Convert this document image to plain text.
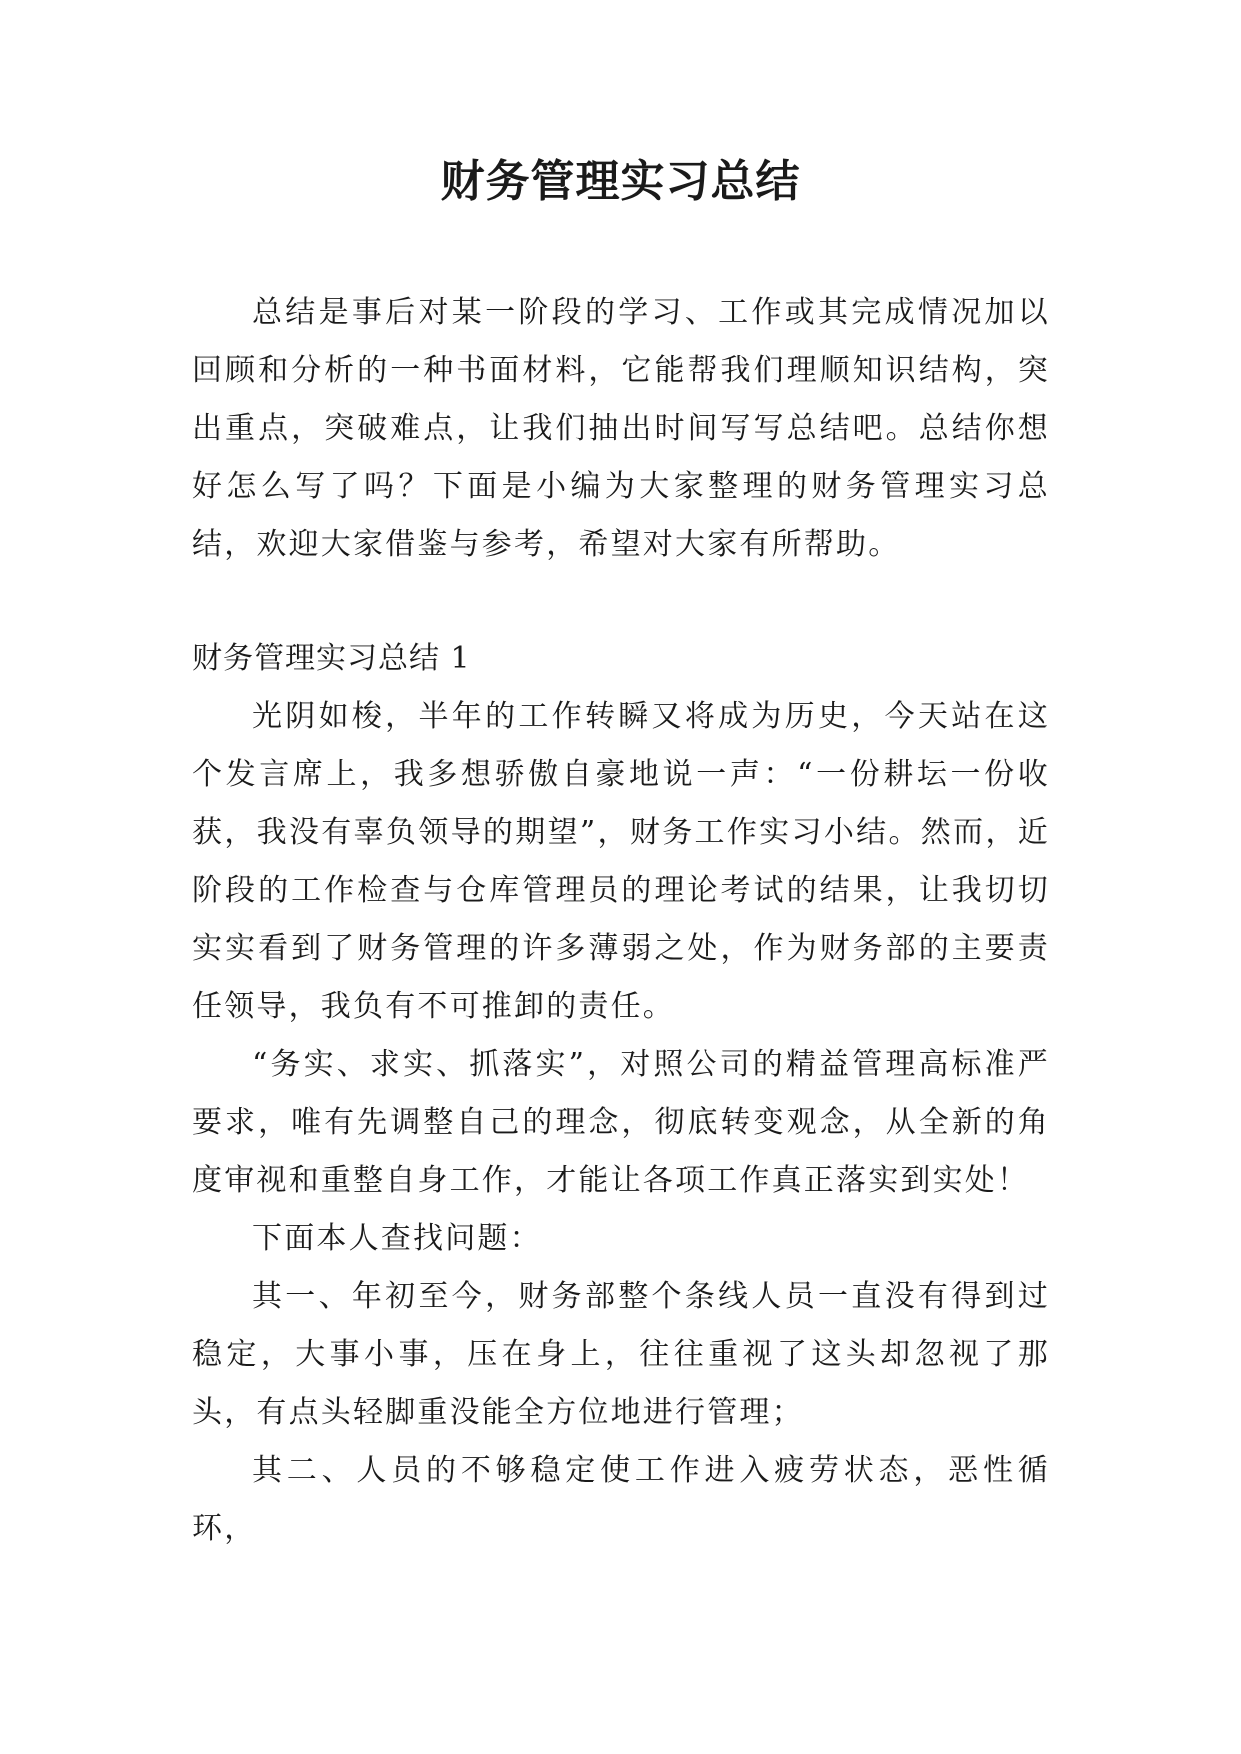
财务管理实习总结

总结是事后对某一阶段的学习、工作或其完成情况加以回顾和分析的一种书面材料，它能帮我们理顺知识结构，突出重点，突破难点，让我们抽出时间写写总结吧。总结你想好怎么写了吗？下面是小编为大家整理的财务管理实习总结，欢迎大家借鉴与参考，希望对大家有所帮助。

财务管理实习总结 1

光阴如梭，半年的工作转瞬又将成为历史，今天站在这个发言席上，我多想骄傲自豪地说一声：“一份耕坛一份收获，我没有辜负领导的期望”，财务工作实习小结。然而，近阶段的工作检查与仓库管理员的理论考试的结果，让我切切实实看到了财务管理的许多薄弱之处，作为财务部的主要责任领导，我负有不可推卸的责任。

“务实、求实、抓落实”，对照公司的精益管理高标准严要求，唯有先调整自己的理念，彻底转变观念，从全新的角度审视和重整自身工作，才能让各项工作真正落实到实处！

下面本人查找问题：

其一、年初至今，财务部整个条线人员一直没有得到过稳定，大事小事，压在身上，往往重视了这头却忽视了那头，有点头轻脚重没能全方位地进行管理；

其二、人员的不够稳定使工作进入疲劳状态，恶性循环，
